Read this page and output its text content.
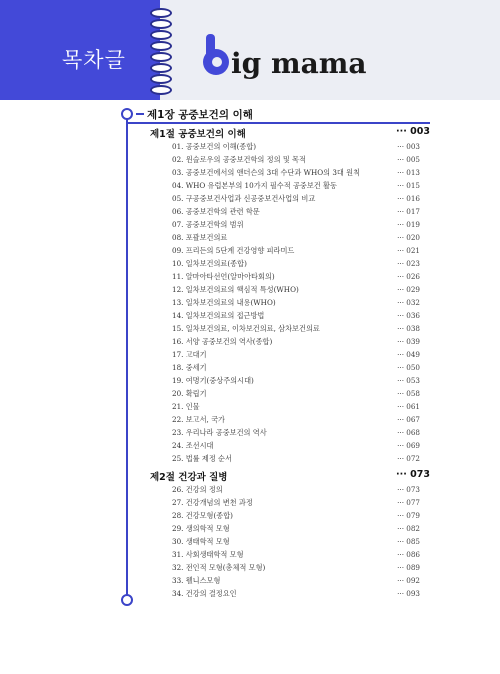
목차글	ig mama
제1장 공중보건의 이해
제1절 공중보건의 이해	··· 003
01. 공중보건의 이해(종합)	··· 003
02. 윈슬로우의 공중보건학의 정의 및 목적	··· 005
03. 공중보건에서의 앤더슨의 3대 수단과 WHO의 3대 원칙	··· 013
04. WHO 유럽본부의 10가지 필수적 공중보건 활동	··· 015
05. 구공중보건사업과 신공중보건사업의 비교	··· 016
06. 공중보건학의 관련 학문	··· 017
07. 공중보건학의 범위	··· 019
08. 포괄보건의료	··· 020
09. 프리든의 5단계 건강영향 피라미드	··· 021
10. 일차보건의료(종합)	··· 023
11. 알마아타선언(알마아타회의)	··· 026
12. 일차보건의료의 핵심적 특성(WHO)	··· 029
13. 일차보건의료의 내용(WHO)	··· 032
14. 일차보건의료의 접근방법	··· 036
15. 일차보건의료, 이차보건의료, 삼차보건의료	··· 038
16. 서양 공중보건의 역사(종합)	··· 039
17. 고대기	··· 049
18. 중세기	··· 050
19. 여명기(중상주의시대)	··· 053
20. 확립기	··· 058
21. 인물	··· 061
22. 보고서, 국가	··· 067
23. 우리나라 공중보건의 역사	··· 068
24. 조선시대	··· 069
25. 법률 제정 순서	··· 072
제2절 건강과 질병	··· 073
26. 건강의 정의	··· 073
27. 건강개념의 변천 과정	··· 077
28. 건강모형(종합)	··· 079
29. 생의학적 모형	··· 082
30. 생태학적 모형	··· 085
31. 사회생태학적 모형	··· 086
32. 전인적 모형(총체적 모형)	··· 089
33. 웰니스모형	··· 092
34. 건강의 결정요인	··· 093
